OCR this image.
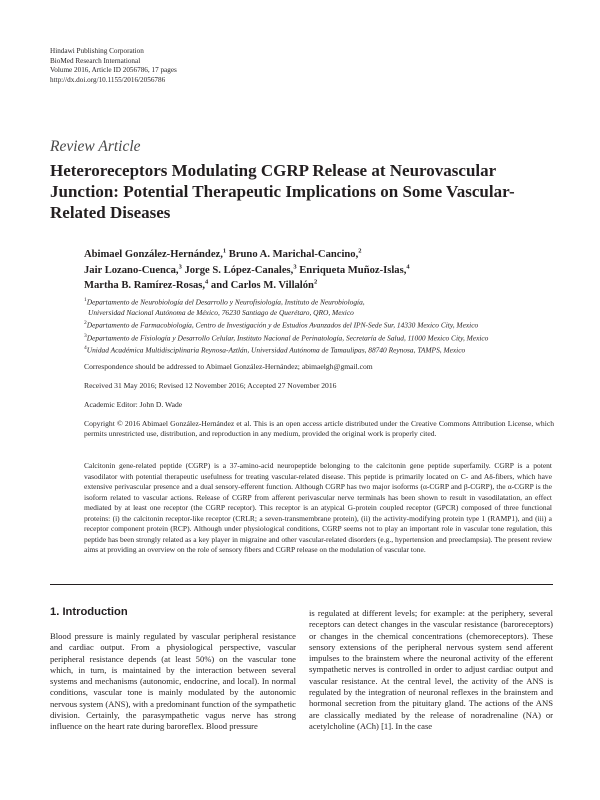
Hindawi Publishing Corporation
BioMed Research International
Volume 2016, Article ID 2056786, 17 pages
http://dx.doi.org/10.1155/2016/2056786
Review Article
Heteroreceptors Modulating CGRP Release at Neurovascular Junction: Potential Therapeutic Implications on Some Vascular-Related Diseases
Abimael González-Hernández,$^1$ Bruno A. Marichal-Cancino,$^2$
Jair Lozano-Cuenca,$^3$ Jorge S. López-Canales,$^3$ Enriqueta Muñoz-Islas,$^4$
Martha B. Ramírez-Rosas,$^4$ and Carlos M. Villalón$^2$
$^1$Departamento de Neurobiología del Desarrollo y Neurofisiología, Instituto de Neurobiología,
Universidad Nacional Autónoma de México, 76230 Santiago de Querétaro, QRO, Mexico
$^2$Departamento de Farmacobiología, Centro de Investigación y de Estudios Avanzados del IPN-Sede Sur, 14330 Mexico City, Mexico
$^3$Departamento de Fisiología y Desarrollo Celular, Instituto Nacional de Perinatología, Secretaría de Salud, 11000 Mexico City, Mexico
$^4$Unidad Académica Multidisciplinaria Reynosa-Aztlán, Universidad Autónoma de Tamaulipas, 88740 Reynosa, TAMPS, Mexico
Correspondence should be addressed to Abimael González-Hernández; abimaelgh@gmail.com
Received 31 May 2016; Revised 12 November 2016; Accepted 27 November 2016
Academic Editor: John D. Wade
Copyright © 2016 Abimael González-Hernández et al. This is an open access article distributed under the Creative Commons Attribution License, which permits unrestricted use, distribution, and reproduction in any medium, provided the original work is properly cited.
Calcitonin gene-related peptide (CGRP) is a 37-amino-acid neuropeptide belonging to the calcitonin gene peptide superfamily. CGRP is a potent vasodilator with potential therapeutic usefulness for treating vascular-related disease. This peptide is primarily located on C- and Aδ-fibers, which have extensive perivascular presence and a dual sensory-efferent function. Although CGRP has two major isoforms (α-CGRP and β-CGRP), the α-CGRP is the isoform related to vascular actions. Release of CGRP from afferent perivascular nerve terminals has been shown to result in vasodilatation, an effect mediated by at least one receptor (the CGRP receptor). This receptor is an atypical G-protein coupled receptor (GPCR) composed of three functional proteins: (i) the calcitonin receptor-like receptor (CRLR; a seven-transmembrane protein), (ii) the activity-modifying protein type 1 (RAMP1), and (iii) a receptor component protein (RCP). Although under physiological conditions, CGRP seems not to play an important role in vascular tone regulation, this peptide has been strongly related as a key player in migraine and other vascular-related disorders (e.g., hypertension and preeclampsia). The present review aims at providing an overview on the role of sensory fibers and CGRP release on the modulation of vascular tone.
1. Introduction
Blood pressure is mainly regulated by vascular peripheral resistance and cardiac output. From a physiological perspective, vascular peripheral resistance depends (at least 50%) on the vascular tone which, in turn, is maintained by the interaction between several systems and mechanisms (autonomic, endocrine, and local). In normal conditions, vascular tone is mainly modulated by the autonomic nervous system (ANS), with a predominant function of the sympathetic division. Certainly, the parasympathetic vagus nerve has strong influence on the heart rate during baroreflex. Blood pressure
is regulated at different levels; for example: at the periphery, several receptors can detect changes in the vascular resistance (baroreceptors) or changes in the chemical concentrations (chemoreceptors). These sensory extensions of the peripheral nervous system send afferent impulses to the brainstem where the neuronal activity of the efferent sympathetic nerves is controlled in order to adjust cardiac output and vascular resistance. At the central level, the activity of the ANS is regulated by the integration of neuronal reflexes in the brainstem and hormonal secretion from the pituitary gland. The actions of the ANS are classically mediated by the release of noradrenaline (NA) or acetylcholine (ACh) [1]. In the case
